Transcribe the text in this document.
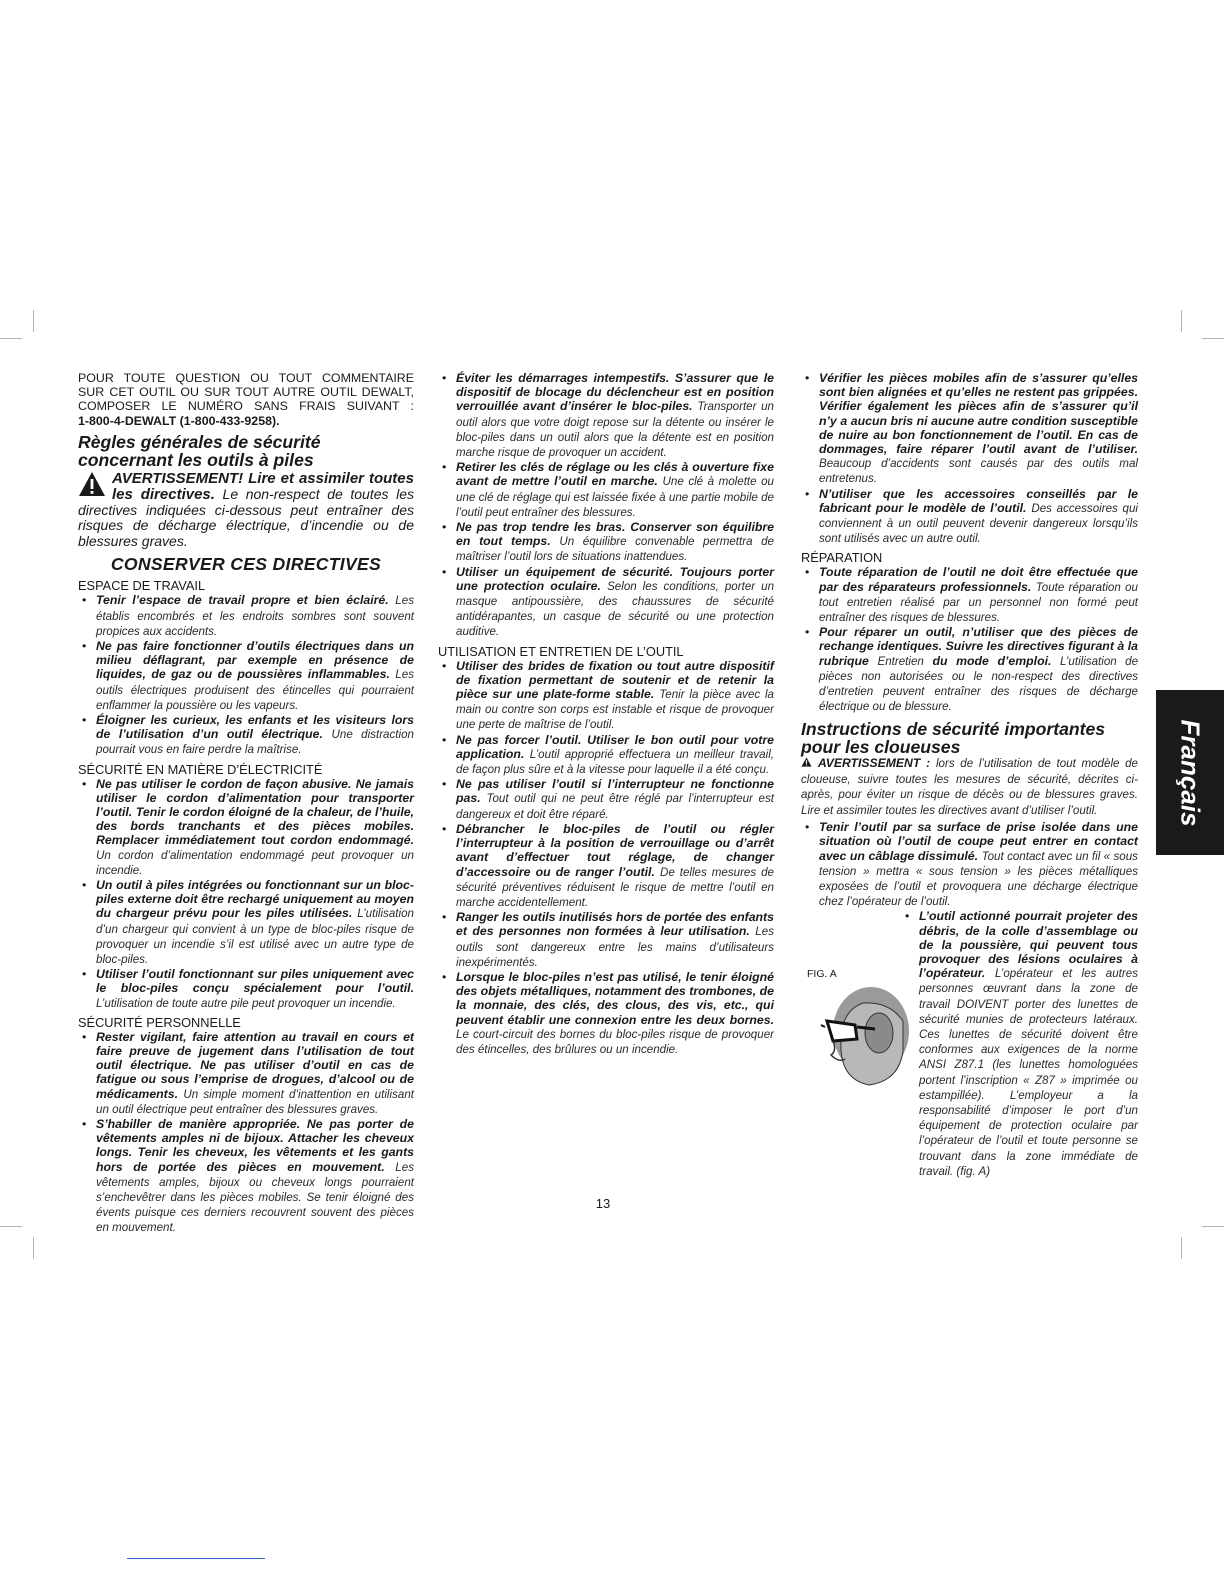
POUR TOUTE QUESTION OU TOUT COMMENTAIRE
SUR CET OUTIL OU SUR TOUT AUTRE OUTIL DEWALT,
COMPOSER LE NUMÉRO SANS FRAIS SUIVANT :
1-800-4-DEWALT (1-800-433-9258).
Règles générales de sécurité concernant les outils à piles
AVERTISSEMENT! Lire et assimiler toutes les directives. Le non-respect de toutes les directives indiquées ci-dessous peut entraîner des risques de décharge électrique, d’incendie ou de blessures graves.
CONSERVER CES DIRECTIVES
ESPACE DE TRAVAIL
• Tenir l’espace de travail propre et bien éclairé. Les établis encombrés et les endroits sombres sont souvent propices aux accidents.
• Ne pas faire fonctionner d’outils électriques dans un milieu déflagrant, par exemple en présence de liquides, de gaz ou de poussières inflammables. Les outils électriques produisent des étincelles qui pourraient enflammer la poussière ou les vapeurs.
• Éloigner les curieux, les enfants et les visiteurs lors de l’utilisation d’un outil électrique. Une distraction pourrait vous en faire perdre la maîtrise.
SÉCURITÉ EN MATIÈRE D’ÉLECTRICITÉ
• Ne pas utiliser le cordon de façon abusive. Ne jamais utiliser le cordon d’alimentation pour transporter l’outil. Tenir le cordon éloigné de la chaleur, de l’huile, des bords tranchants et des pièces mobiles. Remplacer immédiatement tout cordon endommagé. Un cordon d’alimentation endommagé peut provoquer un incendie.
• Un outil à piles intégrées ou fonctionnant sur un bloc-piles externe doit être rechargé uniquement au moyen du chargeur prévu pour les piles utilisées. L’utilisation d’un chargeur qui convient à un type de bloc-piles risque de provoquer un incendie s’il est utilisé avec un autre type de bloc-piles.
• Utiliser l’outil fonctionnant sur piles uniquement avec le bloc-piles conçu spécialement pour l’outil. L’utilisation de toute autre pile peut provoquer un incendie.
SÉCURITÉ PERSONNELLE
• Rester vigilant, faire attention au travail en cours et faire preuve de jugement dans l’utilisation de tout outil électrique. Ne pas utiliser d’outil en cas de fatigue ou sous l’emprise de drogues, d’alcool ou de médicaments. Un simple moment d’inattention en utilisant un outil électrique peut entraîner des blessures graves.
• S’habiller de manière appropriée. Ne pas porter de vêtements amples ni de bijoux. Attacher les cheveux longs. Tenir les cheveux, les vêtements et les gants hors de portée des pièces en mouvement. Les vêtements amples, bijoux ou cheveux longs pourraient s’enchevêtrer dans les pièces mobiles. Se tenir éloigné des évents puisque ces derniers recouvrent souvent des pièces en mouvement.
• Éviter les démarrages intempestifs. S’assurer que le dispositif de blocage du déclencheur est en position verrouillée avant d’insérer le bloc-piles. Transporter un outil alors que votre doigt repose sur la détente ou insérer le bloc-piles dans un outil alors que la détente est en position marche risque de provoquer un accident.
• Retirer les clés de réglage ou les clés à ouverture fixe avant de mettre l’outil en marche. Une clé à molette ou une clé de réglage qui est laissée fixée à une partie mobile de l’outil peut entraîner des blessures.
• Ne pas trop tendre les bras. Conserver son équilibre en tout temps. Un équilibre convenable permettra de maîtriser l’outil lors de situations inattendues.
• Utiliser un équipement de sécurité. Toujours porter une protection oculaire. Selon les conditions, porter un masque antipoussière, des chaussures de sécurité antidérapantes, un casque de sécurité ou une protection auditive.
UTILISATION ET ENTRETIEN DE L’OUTIL
• Utiliser des brides de fixation ou tout autre dispositif de fixation permettant de soutenir et de retenir la pièce sur une plate-forme stable. Tenir la pièce avec la main ou contre son corps est instable et risque de provoquer une perte de maîtrise de l’outil.
• Ne pas forcer l’outil. Utiliser le bon outil pour votre application. L’outil approprié effectuera un meilleur travail, de façon plus sûre et à la vitesse pour laquelle il a été conçu.
• Ne pas utiliser l’outil si l’interrupteur ne fonctionne pas. Tout outil qui ne peut être réglé par l’interrupteur est dangereux et doit être réparé.
• Débrancher le bloc-piles de l’outil ou régler l’interrupteur à la position de verrouillage ou d’arrêt avant d’effectuer tout réglage, de changer d’accessoire ou de ranger l’outil. De telles mesures de sécurité préventives réduisent le risque de mettre l’outil en marche accidentellement.
• Ranger les outils inutilisés hors de portée des enfants et des personnes non formées à leur utilisation. Les outils sont dangereux entre les mains d’utilisateurs inexpérimentés.
• Lorsque le bloc-piles n’est pas utilisé, le tenir éloigné des objets métalliques, notamment des trombones, de la monnaie, des clés, des clous, des vis, etc., qui peuvent établir une connexion entre les deux bornes. Le court-circuit des bornes du bloc-piles risque de provoquer des étincelles, des brûlures ou un incendie.
• Vérifier les pièces mobiles afin de s’assurer qu’elles sont bien alignées et qu’elles ne restent pas grippées. Vérifier également les pièces afin de s’assurer qu’il n’y a aucun bris ni aucune autre condition susceptible de nuire au bon fonctionnement de l’outil. En cas de dommages, faire réparer l’outil avant de l’utiliser. Beaucoup d’accidents sont causés par des outils mal entretenus.
• N’utiliser que les accessoires conseillés par le fabricant pour le modèle de l’outil. Des accessoires qui conviennent à un outil peuvent devenir dangereux lorsqu’ils sont utilisés avec un autre outil.
RÉPARATION
• Toute réparation de l’outil ne doit être effectuée que par des réparateurs professionnels. Toute réparation ou tout entretien réalisé par un personnel non formé peut entraîner des risques de blessures.
• Pour réparer un outil, n’utiliser que des pièces de rechange identiques. Suivre les directives figurant à la rubrique Entretien du mode d’emploi. L’utilisation de pièces non autorisées ou le non-respect des directives d’entretien peuvent entraîner des risques de décharge électrique ou de blessure.
Instructions de sécurité importantes pour les cloueuses
AVERTISSEMENT : lors de l’utilisation de tout modèle de cloueuse, suivre toutes les mesures de sécurité, décrites ci-après, pour éviter un risque de décès ou de blessures graves. Lire et assimiler toutes les directives avant d’utiliser l’outil.
• Tenir l’outil par sa surface de prise isolée dans une situation où l’outil de coupe peut entrer en contact avec un câblage dissimulé. Tout contact avec un fil « sous tension » mettra « sous tension » les pièces métalliques exposées de l’outil et provoquera une décharge électrique chez l’opérateur de l’outil.
FIG. A
• L’outil actionné pourrait projeter des débris, de la colle d’assemblage ou de la poussière, qui peuvent tous provoquer des lésions oculaires à l’opérateur. L’opérateur et les autres personnes œuvrant dans la zone de travail DOIVENT porter des lunettes de sécurité munies de protecteurs latéraux. Ces lunettes de sécurité doivent être conformes aux exigences de la norme ANSI Z87.1 (les lunettes homologuées portent l’inscription « Z87 » imprimée ou estampillée). L’employeur a la responsabilité d’imposer le port d’un équipement de protection oculaire par l’opérateur de l’outil et toute personne se trouvant dans la zone immédiate de travail. (fig. A)
13
Français
